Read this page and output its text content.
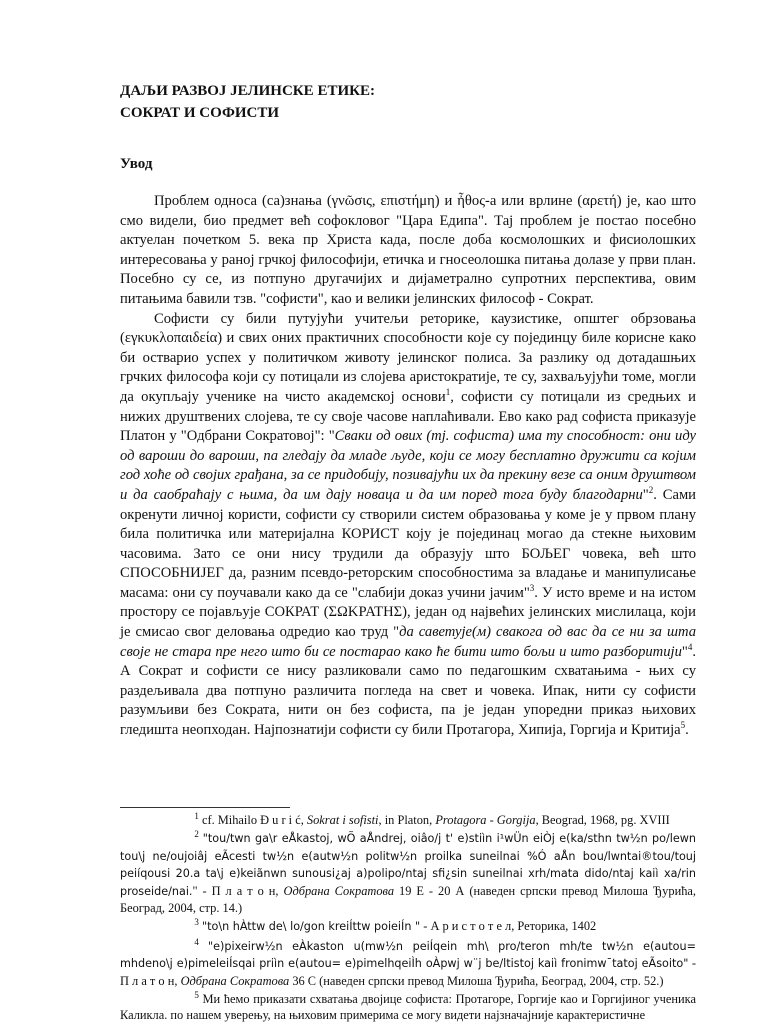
ДАЉИ РАЗВОЈ ЈЕЛИНСКЕ ЕТИКЕ:
СОКРАТ И СОФИСТИ
Увод

Проблем односа (са)знања (γνῶσις, επιστήμη) и ἦθος-а или врлине (αρετή) је, као што смо видели, био предмет већ софокловог "Цара Едипа". Тај проблем је постао посебно актуелан почетком 5. века пр Христа када, после доба космолошких и фисиолошких интересовања у раној грчкој философији, етичка и гносеолошка питања долазе у први план. Посебно су се, из потпуно другачијих и дијаметрално супротних перспектива, овим питањима бавили тзв. "софисти", као и велики јелинских философ - Сократ.

Софисти су били путујући учитељи реторике, каузистике, општег обрзовања (εγκυκλοπαιδεία) и свих оних практичних способности које су појединцу биле корисне како би остварио успех у политичком животу јелинског полиса. За разлику од дотадашњих грчких философа који су потицали из слојева аристократије, те су, захваљујући томе, могли да окупљају ученике на чисто академској основи$^1$, софисти су потицали из средњих и нижих друштвених слојева, те су своје часове наплаћивали. Ево како рад софиста приказује Платон у "Одбрани Сократовој": "Сваки од ових (тј. софиста) има ту способност: они иду од вароши до вароши, па гледају да младе људе, који се могу бесплатно дружити са којим год хоће од својих грађана, за се придобију, позивајући их да прекину везе са оним друштвом и да саобраћају с њима, да им дају новаца и да им поред тога буду благодарни"$^2$. Сами окренути личној користи, софисти су створили систем образовања у коме је у првом плану била политичка или материјална КОРИСТ коју је појединац могао да стекне њиховим часовима. Зато се они нису трудили да образују што БОЉЕГ човека, већ што СПОСОБНИЈЕГ да, разним псевдо-реторским способностима за владање и манипулисање масама: они су поучавали како да се "слабији доказ учини јачим"$^3$. У исто време и на истом простору се појављује СОКРАТ (ΣΩΚΡΑΤΗΣ), један од највећих јелинских мислилаца, који је смисао свог деловања одредио као труд "да саветује(м) свакога од вас да се ни за шта своје не стара пре него што би се постарао како ће бити што бољи и што разборитији"$^4$. А Сократ и софисти се нису разликовали само по педагошким схватањима - њих су раздељивала два потпуно различита погледа на свет и човека. Ипак, нити су софисти разумљиви без Сократа, нити он без софиста, па је један упоредни приказ њихових гледишта неопходан. Најпознатији софисти су били Протагора, Хипија, Горгија и Критија$^5$.

      $^1$ cf. Mihailo Đ u r i ć, Sokrat i sofisti, in Platon, Protagora - Gorgija, Beograd, 1968, pg. XVIII

      $^2$ "tou/twn ga\r eÅkastoj, wÕ aÅndrej, oiâo/j t' e)stiìn i¹wÜn eiÒj e(ka/sthn tw½n po/lewn tou\j ne/oujoiâj eÃcesti tw½n e(autw½n politw½n proilka suneilnai %Ó aÅn bou/lwntai®tou/touj peiíqousi 20.a ta\j e)keiãnwn sunousi¿aj a)polipo/ntaj sfi¿sin suneilnai xrh/mata dido/ntaj kaiì xa/rin proseide/nai." - П л а т о н, Одбрана Сократова 19 Е - 20 А (наведен српски превод Милоша Ђурића, Београд, 2004, стр. 14.)

      $^3$ "to\n hÀttw de\ lo/gon kreiÍttw poieiÍn " - А р и с т о т е л, Реторика, 1402

      $^4$ "e)pixeirw½n eÀkaston u(mw½n peiÍqein mh\ pro/teron mh/te tw½n e(autou= mhdeno\j e)pimeleiÍsqai priìn e(autou= e)pimelhqeiÌh oÀpwj w¨j be/ltistoj kaiì fronimw¯tatoj eÃsoito" - П л а т о н, Одбрана Сократова 36 С (наведен српски превод Милоша Ђурића, Београд, 2004, стр. 52.)

      $^5$ Ми ћемо приказати схватања двојице софиста: Протагоре, Горгије као и Горгијиног ученика Каликла. по нашем уверењу, на њиховим примерима се могу видети најзначајније карактеристичне
